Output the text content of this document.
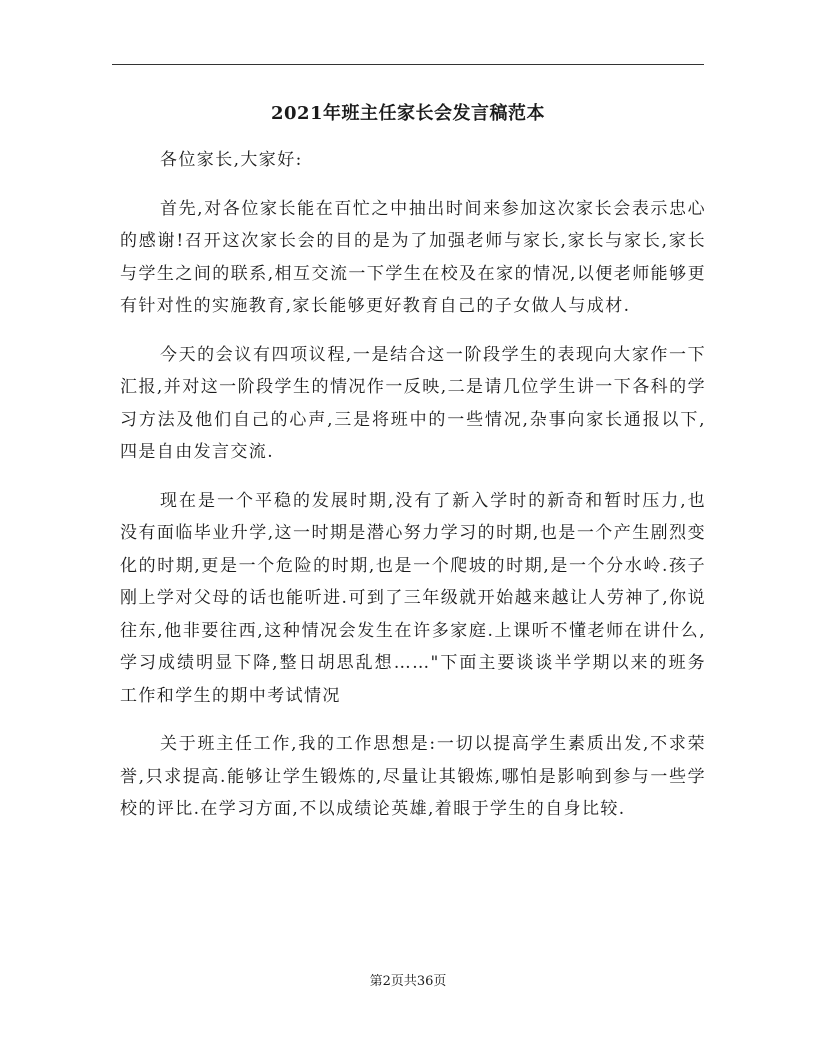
2021年班主任家长会发言稿范本

各位家长,大家好:

首先,对各位家长能在百忙之中抽出时间来参加这次家长会表示忠心的感谢!召开这次家长会的目的是为了加强老师与家长,家长与家长,家长与学生之间的联系,相互交流一下学生在校及在家的情况,以便老师能够更有针对性的实施教育,家长能够更好教育自己的子女做人与成材.

今天的会议有四项议程,一是结合这一阶段学生的表现向大家作一下汇报,并对这一阶段学生的情况作一反映,二是请几位学生讲一下各科的学习方法及他们自己的心声,三是将班中的一些情况,杂事向家长通报以下,四是自由发言交流.

现在是一个平稳的发展时期,没有了新入学时的新奇和暂时压力,也没有面临毕业升学,这一时期是潜心努力学习的时期,也是一个产生剧烈变化的时期,更是一个危险的时期,也是一个爬坡的时期,是一个分水岭.孩子刚上学对父母的话也能听进.可到了三年级就开始越来越让人劳神了,你说往东,他非要往西,这种情况会发生在许多家庭.上课听不懂老师在讲什么,学习成绩明显下降,整日胡思乱想……"下面主要谈谈半学期以来的班务工作和学生的期中考试情况

关于班主任工作,我的工作思想是:一切以提高学生素质出发,不求荣誉,只求提高.能够让学生锻炼的,尽量让其锻炼,哪怕是影响到参与一些学校的评比.在学习方面,不以成绩论英雄,着眼于学生的自身比较.

第2页共36页
